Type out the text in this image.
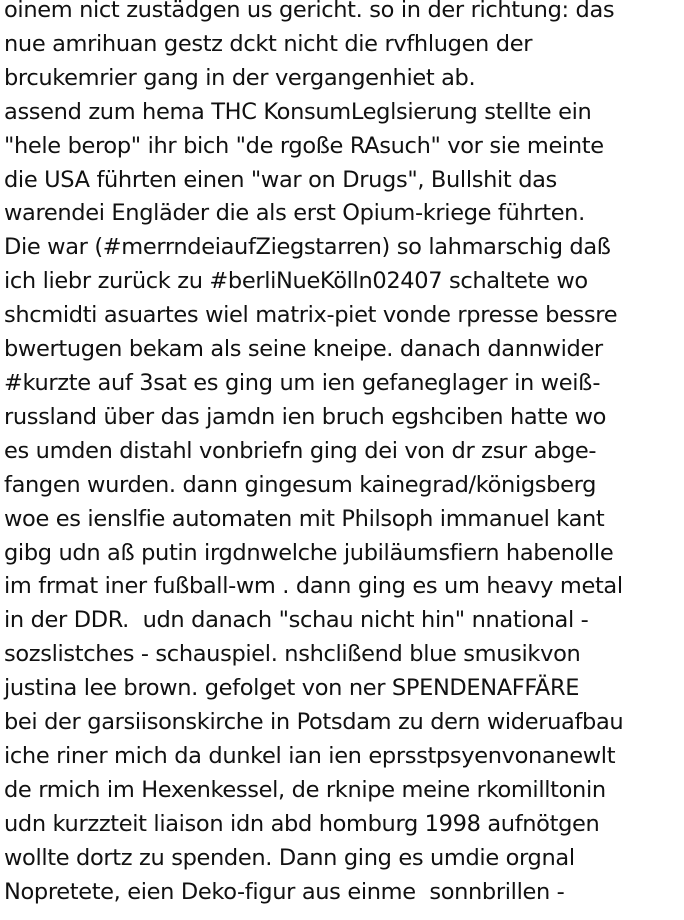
oinem nict zustädgen us gericht. so in der richtung: das
nue amrihuan gestz dckt nicht die rvfhlugen der
brcukemrier gang in der vergangenhiet ab.
assend zum hema THC KonsumLeglsierung stellte ein
"hele berop" ihr bich "de rgoße RAsuch" vor sie meinte
die USA führten einen "war on Drugs", Bullshit das
warendei Engläder die als erst Opium-kriege führten.
Die war (#merrndeiaufZiegstarren) so lahmarschig daß
ich liebr zurück zu #berliNueKölln02407 schaltete wo
shcmidti asuartes wiel matrix-piet vonde rpresse bessre
bwertugen bekam als seine kneipe. danach dannwider
#kurzte auf 3sat es ging um ien gefaneglager in weiß-
russland über das jamdn ien bruch egshciben hatte wo
es umden distahl vonbriefn ging dei von dr zsur abge-
fangen wurden. dann gingesum kainegrad/königsberg
woe es ienslfie automaten mit Philsoph immanuel kant
gibg udn aß putin irgdnwelche jubiläumsfiern habenolle
im frmat iner fußball-wm . dann ging es um heavy metal
in der DDR.  udn danach "schau nicht hin" nnational -
sozslistches - schauspiel. nshclißend blue smusikvon
justina lee brown. gefolget von ner SPENDENAFFÄRE
bei der garsiisonskirche in Potsdam zu dern wideruafbau
iche riner mich da dunkel ian ien eprsstpsyenvonanewlt
de rmich im Hexenkessel, de rknipe meine rkomilltonin
udn kurzzteit liaison idn abd homburg 1998 aufnötgen
wollte dortz zu spenden. Dann ging es umdie orgnal
Nopretete, eien Deko-figur aus einme  sonnbrillen -
